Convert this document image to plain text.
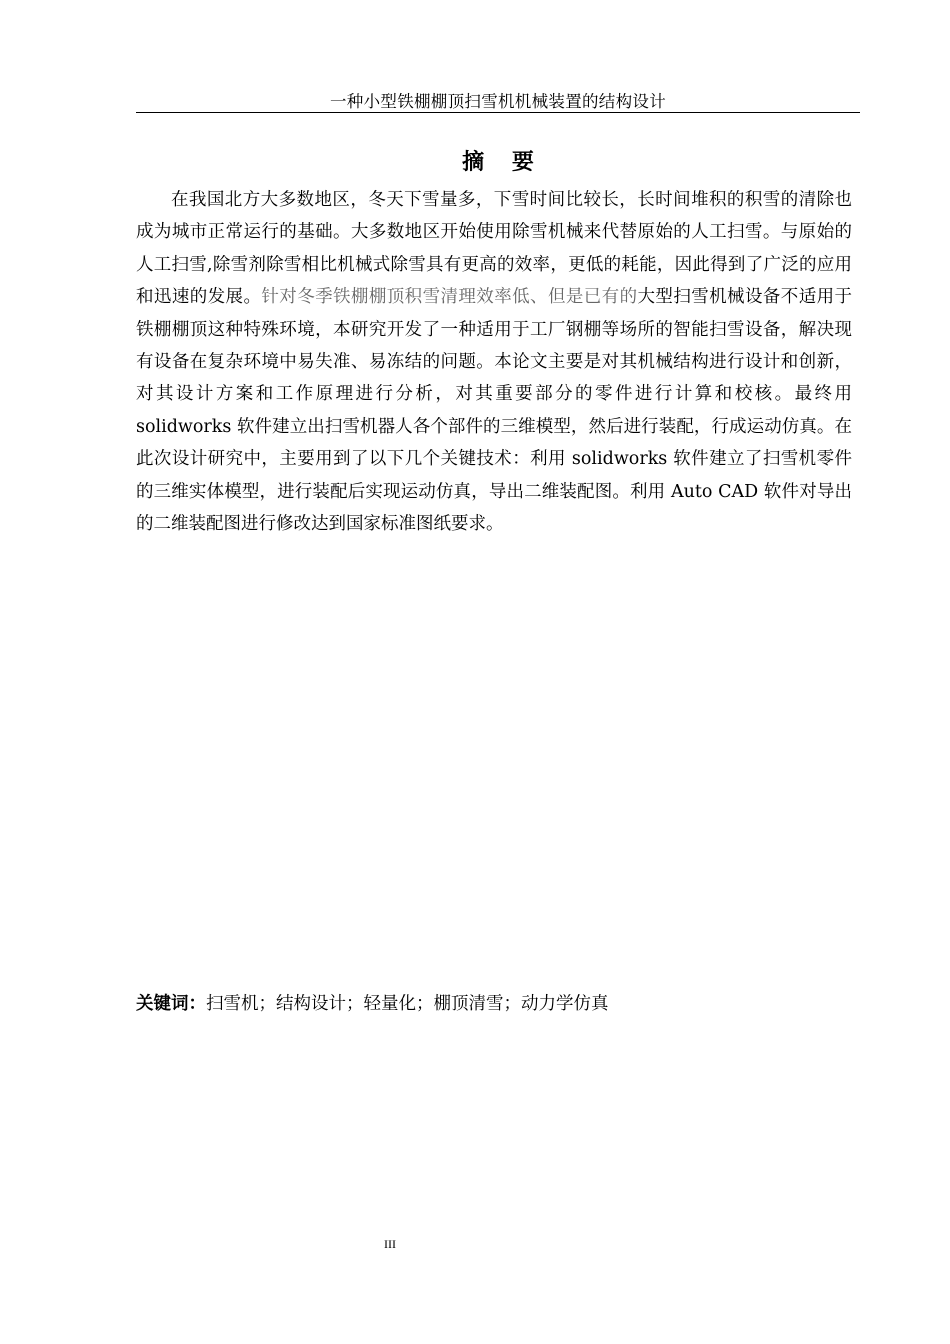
一种小型铁棚棚顶扫雪机机械装置的结构设计
摘 要

在我国北方大多数地区，冬天下雪量多，下雪时间比较长，长时间堆积的积雪的清除也成为城市正常运行的基础。大多数地区开始使用除雪机械来代替原始的人工扫雪。与原始的人工扫雪,除雪剂除雪相比机械式除雪具有更高的效率，更低的耗能，因此得到了广泛的应用和迅速的发展。针对冬季铁棚棚顶积雪清理效率低、但是已有的大型扫雪机械设备不适用于铁棚棚顶这种特殊环境，本研究开发了一种适用于工厂钢棚等场所的智能扫雪设备，解决现有设备在复杂环境中易失准、易冻结的问题。本论文主要是对其机械结构进行设计和创新，对其设计方案和工作原理进行分析，对其重要部分的零件进行计算和校核。最终用 solidworks 软件建立出扫雪机器人各个部件的三维模型，然后进行装配，行成运动仿真。在此次设计研究中，主要用到了以下几个关键技术：利用 solidworks 软件建立了扫雪机零件的三维实体模型，进行装配后实现运动仿真，导出二维装配图。利用 Auto CAD 软件对导出的二维装配图进行修改达到国家标准图纸要求。

关键词：扫雪机；结构设计；轻量化；棚顶清雪；动力学仿真
III
